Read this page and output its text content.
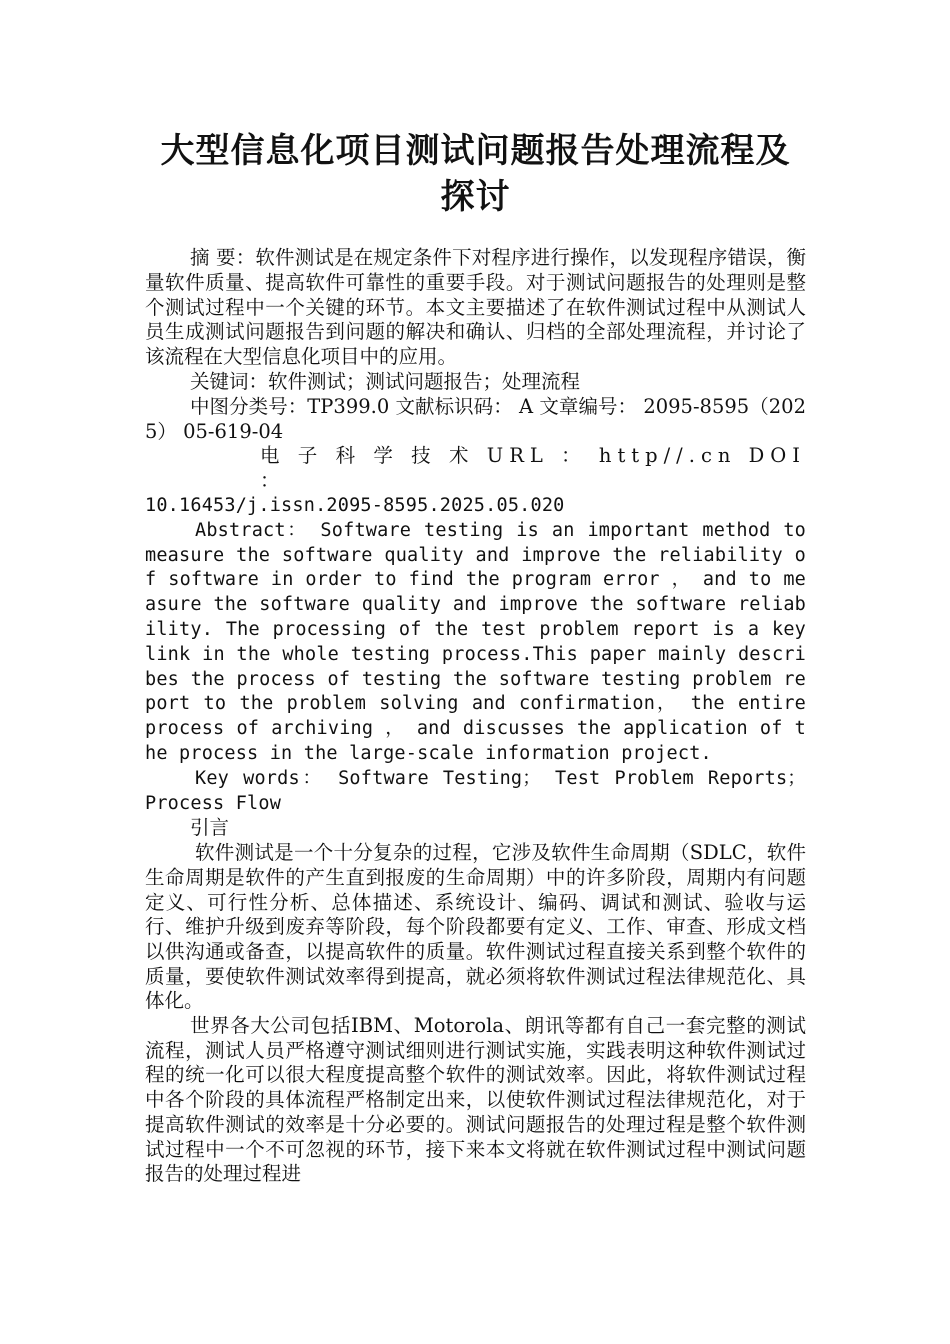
大型信息化项目测试问题报告处理流程及探讨

摘 要：软件测试是在规定条件下对程序进行操作，以发现程序错误，衡量软件质量、提高软件可靠性的重要手段。对于测试问题报告的处理则是整个测试过程中一个关键的环节。本文主要描述了在软件测试过程中从测试人员生成测试问题报告到问题的解决和确认、归档的全部处理流程，并讨论了该流程在大型信息化项目中的应用。

关键词：软件测试；测试问题报告；处理流程

中图分类号：TP399.0 文献标识码： A 文章编号： 2095-8595（2025） 05-619-04

电 子 科 学 技 术 URL ： http//.cn DOI ：

10.16453/j.issn.2095-8595.2025.05.020

Abstract： Software testing is an important method to measure the software quality and improve the reliability of software in order to find the program error ， and to measure the software quality and improve the software reliability. The processing of the test problem report is a key link in the whole testing process.This paper mainly describes the process of testing the software testing problem report to the problem solving and confirmation， the entire process of archiving ， and discusses the application of the process in the large-scale information project.

Key words： Software Testing； Test Problem Reports； Process Flow

引言

软件测试是一个十分复杂的过程，它涉及软件生命周期（SDLC，软件生命周期是软件的产生直到报废的生命周期）中的许多阶段，周期内有问题定义、可行性分析、总体描述、系统设计、编码、调试和测试、验收与运行、维护升级到废弃等阶段，每个阶段都要有定义、工作、审查、形成文档以供沟通或备查，以提高软件的质量。软件测试过程直接关系到整个软件的质量，要使软件测试效率得到提高，就必须将软件测试过程法律规范化、具体化。

世界各大公司包括IBM、Motorola、朗讯等都有自己一套完整的测试流程，测试人员严格遵守测试细则进行测试实施，实践表明这种软件测试过程的统一化可以很大程度提高整个软件的测试效率。因此，将软件测试过程中各个阶段的具体流程严格制定出来，以使软件测试过程法律规范化，对于提高软件测试的效率是十分必要的。测试问题报告的处理过程是整个软件测试过程中一个不可忽视的环节，接下来本文将就在软件测试过程中测试问题报告的处理过程进
